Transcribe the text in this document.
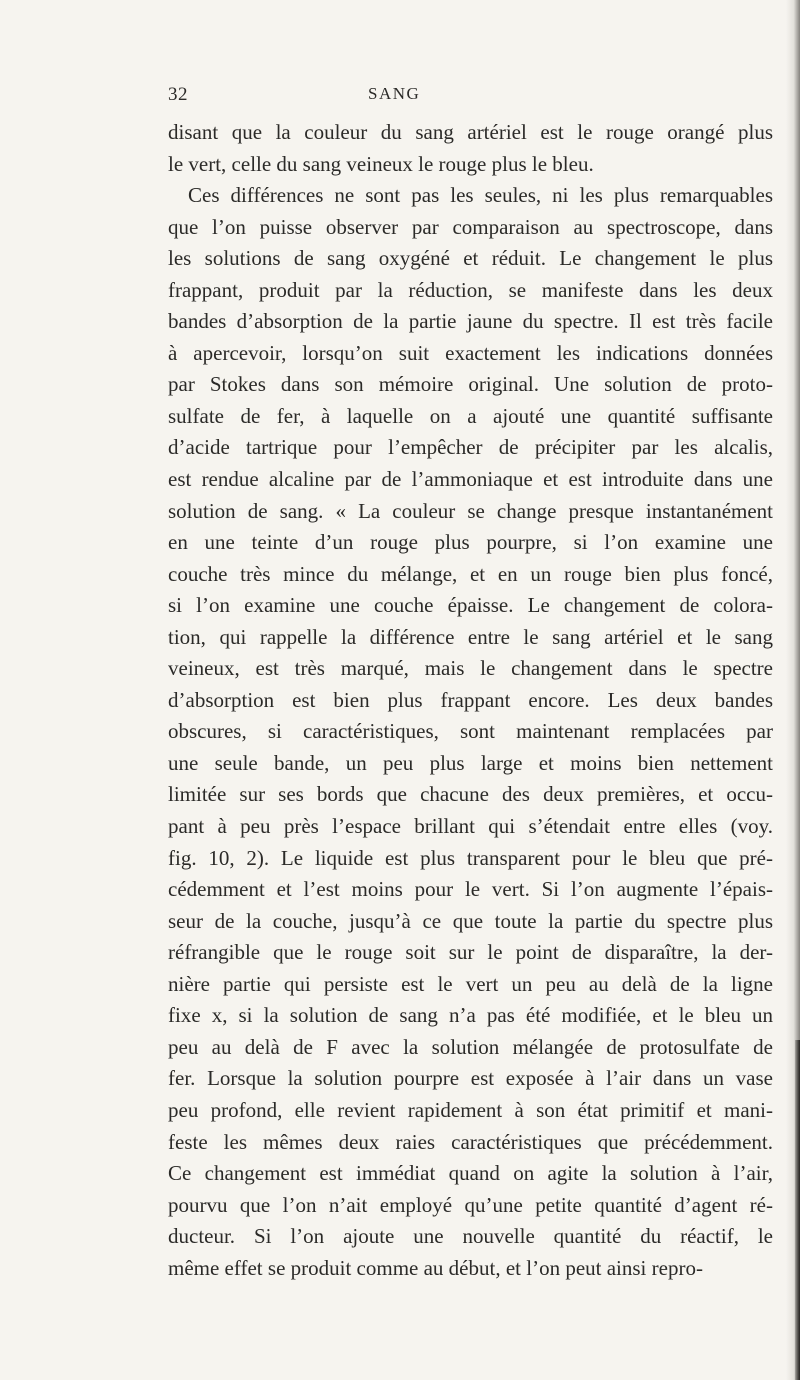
32	SANG
disant que la couleur du sang artériel est le rouge orangé plus
le vert, celle du sang veineux le rouge plus le bleu.
Ces différences ne sont pas les seules, ni les plus remarquables
que l’on puisse observer par comparaison au spectroscope, dans
les solutions de sang oxygéné et réduit. Le changement le plus
frappant, produit par la réduction, se manifeste dans les deux
bandes d’absorption de la partie jaune du spectre. Il est très facile
à apercevoir, lorsqu’on suit exactement les indications données
par Stokes dans son mémoire original. Une solution de proto-
sulfate de fer, à laquelle on a ajouté une quantité suffisante
d’acide tartrique pour l’empêcher de précipiter par les alcalis,
est rendue alcaline par de l’ammoniaque et est introduite dans une
solution de sang. « La couleur se change presque instantanément
en une teinte d’un rouge plus pourpre, si l’on examine une
couche très mince du mélange, et en un rouge bien plus foncé,
si l’on examine une couche épaisse. Le changement de colora-
tion, qui rappelle la différence entre le sang artériel et le sang
veineux, est très marqué, mais le changement dans le spectre
d’absorption est bien plus frappant encore. Les deux bandes
obscures, si caractéristiques, sont maintenant remplacées par
une seule bande, un peu plus large et moins bien nettement
limitée sur ses bords que chacune des deux premières, et occu-
pant à peu près l’espace brillant qui s’étendait entre elles (voy.
fig. 10, 2). Le liquide est plus transparent pour le bleu que pré-
cédemment et l’est moins pour le vert. Si l’on augmente l’épais-
seur de la couche, jusqu’à ce que toute la partie du spectre plus
réfrangible que le rouge soit sur le point de disparaître, la der-
nière partie qui persiste est le vert un peu au delà de la ligne
fixe x, si la solution de sang n’a pas été modifiée, et le bleu un
peu au delà de F avec la solution mélangée de protosulfate de
fer. Lorsque la solution pourpre est exposée à l’air dans un vase
peu profond, elle revient rapidement à son état primitif et mani-
feste les mêmes deux raies caractéristiques que précédemment.
Ce changement est immédiat quand on agite la solution à l’air,
pourvu que l’on n’ait employé qu’une petite quantité d’agent ré-
ducteur. Si l’on ajoute une nouvelle quantité du réactif, le
même effet se produit comme au début, et l’on peut ainsi repro-
